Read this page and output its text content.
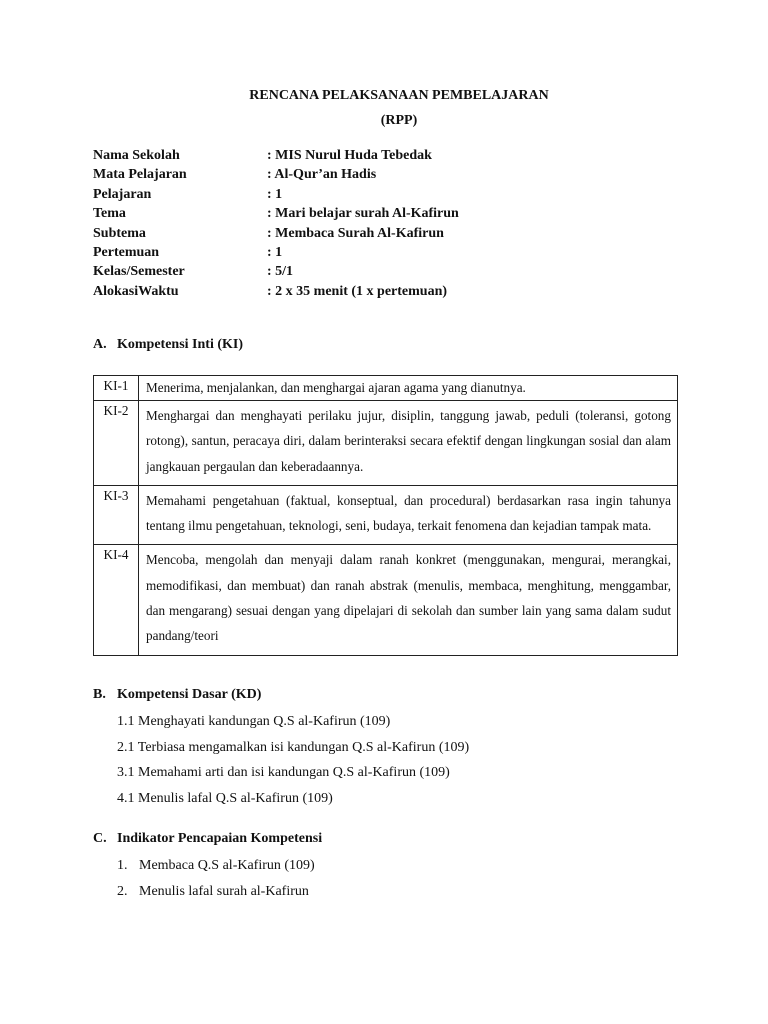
RENCANA PELAKSANAAN PEMBELAJARAN
(RPP)
Nama Sekolah	: MIS Nurul Huda Tebedak
Mata Pelajaran	: Al-Qur’an Hadis
Pelajaran	: 1
Tema	: Mari belajar surah Al-Kafirun
Subtema	: Membaca Surah Al-Kafirun
Pertemuan	: 1
Kelas/Semester	: 5/1
AlokasiWaktu	: 2 x 35 menit (1 x pertemuan)
A. Kompetensi Inti (KI)
KI-1	Menerima, menjalankan, dan menghargai ajaran agama yang dianutnya.
KI-2	Menghargai dan menghayati perilaku jujur, disiplin, tanggung jawab, peduli (toleransi, gotong rotong), santun, peracaya diri, dalam berinteraksi secara efektif dengan lingkungan sosial dan alam jangkauan pergaulan dan keberadaannya.
KI-3	Memahami pengetahuan (faktual, konseptual, dan procedural) berdasarkan rasa ingin tahunya tentang ilmu pengetahuan, teknologi, seni, budaya, terkait fenomena dan kejadian tampak mata.
KI-4	Mencoba, mengolah dan menyaji dalam ranah konkret (menggunakan, mengurai, merangkai, memodifikasi, dan membuat) dan ranah abstrak (menulis, membaca, menghitung, menggambar, dan mengarang) sesuai dengan yang dipelajari di sekolah dan sumber lain yang sama dalam sudut pandang/teori
B. Kompetensi Dasar (KD)
1.1 Menghayati kandungan Q.S al-Kafirun (109)
2.1 Terbiasa mengamalkan isi kandungan Q.S al-Kafirun (109)
3.1 Memahami arti dan isi kandungan Q.S al-Kafirun (109)
4.1 Menulis lafal Q.S al-Kafirun (109)
C. Indikator Pencapaian Kompetensi
1. Membaca Q.S al-Kafirun (109)
2. Menulis lafal surah al-Kafirun
